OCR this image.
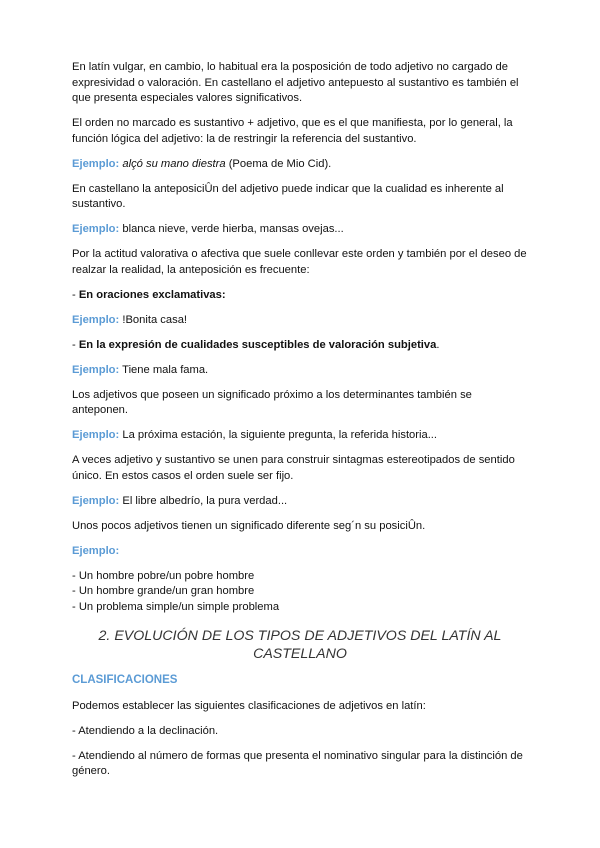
En latín vulgar, en cambio, lo habitual era la posposición de todo adjetivo no cargado de expresividad o valoración. En castellano el adjetivo antepuesto al sustantivo es también el que presenta especiales valores significativos.

El orden no marcado es sustantivo + adjetivo, que es el que manifiesta, por lo general, la función lógica del adjetivo: la de restringir la referencia del sustantivo.

Ejemplo: alçó su mano diestra (Poema de Mio Cid).

En castellano la anteposiciÛn del adjetivo puede indicar que la cualidad es inherente al sustantivo.

Ejemplo: blanca nieve, verde hierba, mansas ovejas...

Por la actitud valorativa o afectiva que suele conllevar este orden y también por el deseo de realzar la realidad, la anteposición es frecuente:

- En oraciones exclamativas:

Ejemplo: !Bonita casa!

- En la expresión de cualidades susceptibles de valoración subjetiva.

Ejemplo: Tiene mala fama.

Los adjetivos que poseen un significado próximo a los determinantes también se anteponen.

Ejemplo: La próxima estación, la siguiente pregunta, la referida historia...

A veces adjetivo y sustantivo se unen para construir sintagmas estereotipados de sentido único. En estos casos el orden suele ser fijo.

Ejemplo: El libre albedrío, la pura verdad...

Unos pocos adjetivos tienen un significado diferente seg´n su posiciÛn.

Ejemplo:

- Un hombre pobre/un pobre hombre
- Un hombre grande/un gran hombre
- Un problema simple/un simple problema
2. EVOLUCIÓN DE LOS TIPOS DE ADJETIVOS DEL LATÍN AL
CASTELLANO
CLASIFICACIONES

Podemos establecer las siguientes clasificaciones de adjetivos en latín:

- Atendiendo a la declinación.

- Atendiendo al número de formas que presenta el nominativo singular para la distinción de género.
